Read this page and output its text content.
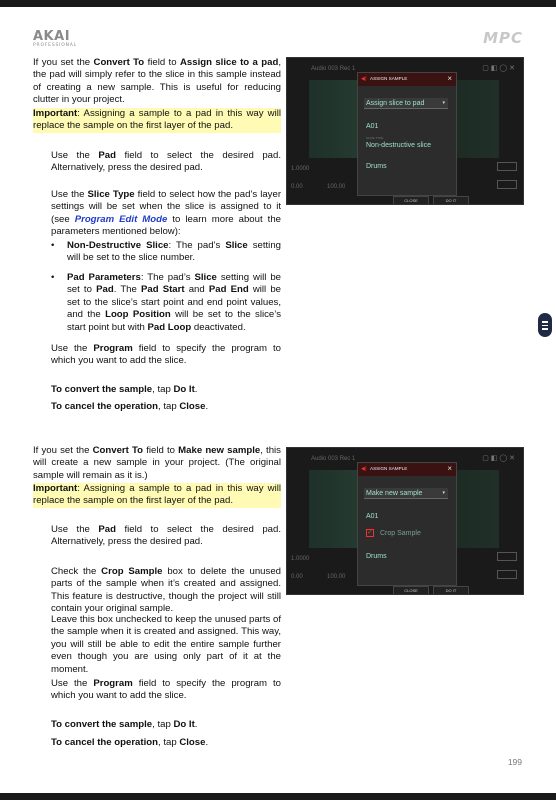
AKAI
PROFESSIONAL	MPC

If you set the Convert To field to Assign slice to a pad, the pad will simply refer to the slice in this sample instead of creating a new sample. This is useful for reducing clutter in your project.

Important: Assigning a sample to a pad in this way will replace the sample on the first layer of the pad.

Use the Pad field to select the desired pad. Alternatively, press the desired pad.

Use the Slice Type field to select how the pad’s layer settings will be set when the slice is assigned to it (see Program Edit Mode to learn more about the parameters mentioned below):

• Non-Destructive Slice: The pad’s Slice setting will be set to the slice number.
• Pad Parameters: The pad’s Slice setting will be set to Pad. The Pad Start and Pad End will be set to the slice’s start point and end point values, and the Loop Position will be set to the slice’s start point but with Pad Loop deactivated.

Use the Program field to specify the program to which you want to add the slice.

To convert the sample, tap Do It.

To cancel the operation, tap Close.

Audio 003 Rec 1	▢ ◧ ◯ ✕
1.0000
0.00	100.00
◀) ASSIGN SAMPLE	×
Assign slice to pad	▾
A01
SLICE TYPE
Non-destructive slice
Drums
CLOSE	DO IT

If you set the Convert To field to Make new sample, this will create a new sample in your project. (The original sample will remain as it is.)

Important: Assigning a sample to a pad in this way will replace the sample on the first layer of the pad.

Use the Pad field to select the desired pad. Alternatively, press the desired pad.

Check the Crop Sample box to delete the unused parts of the sample when it’s created and assigned. This feature is destructive, though the project will still contain your original sample.

Leave this box unchecked to keep the unused parts of the sample when it is created and assigned. This way, you will still be able to edit the entire sample further even though you are using only part of it at the moment.

Use the Program field to specify the program to which you want to add the slice.

To convert the sample, tap Do It.

To cancel the operation, tap Close.

Audio 003 Rec 1	▢ ◧ ◯ ✕
1.0000
0.00	100.00
◀) ASSIGN SAMPLE	×
Make new sample	▾
A01
✓ Crop Sample
Drums
CLOSE	DO IT
199
